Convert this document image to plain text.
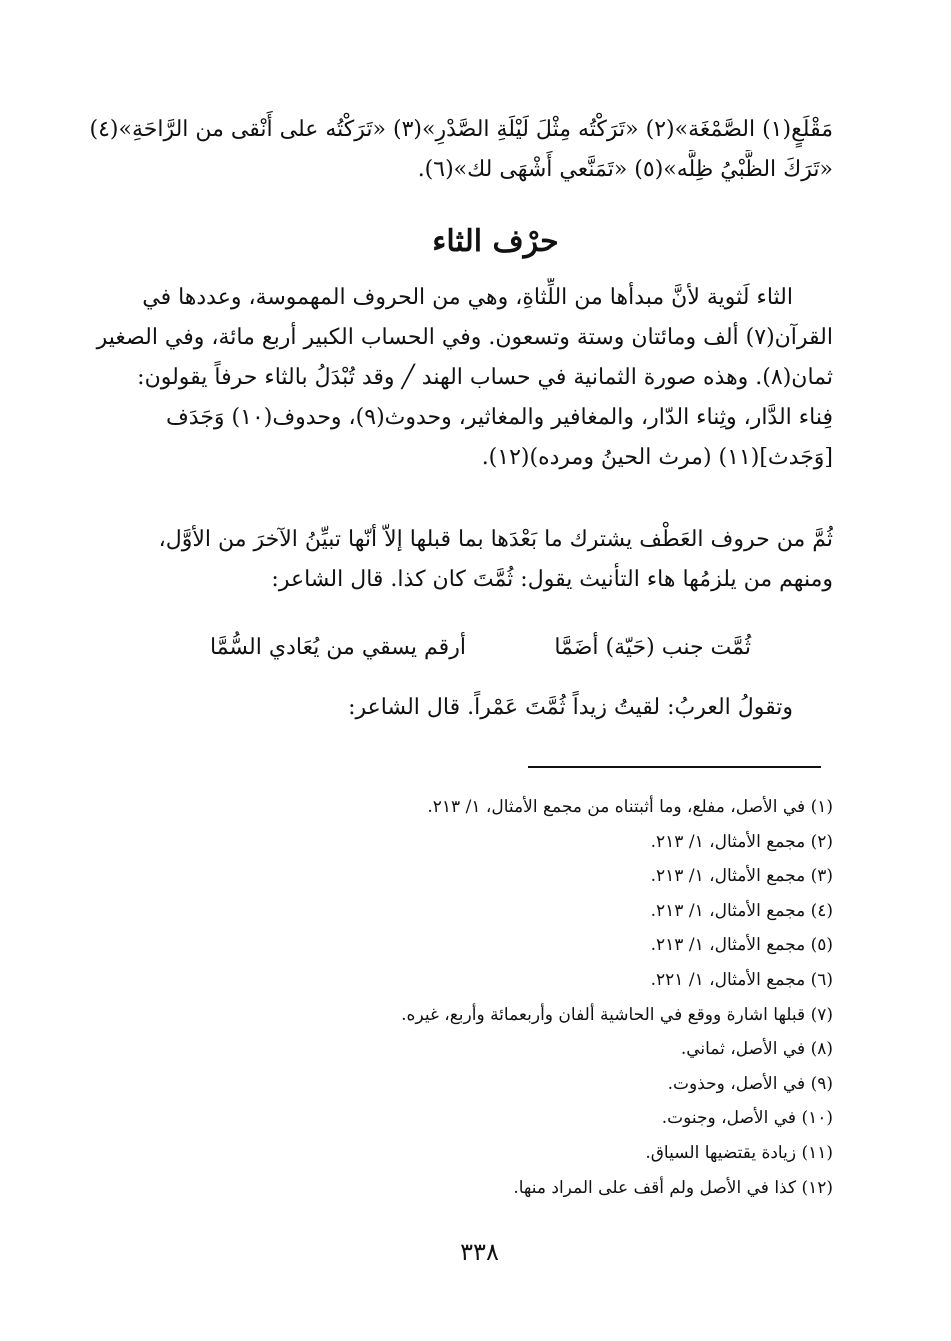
مَقْلَعٍ(١) الصَّمْغَة»(٢) «تَرَكْتُه مِثْلَ لَيْلَةِ الصَّدْرِ»(٣) «تَرَكْتُه على أَنْقى من الرَّاحَةِ»(٤)
«تَرَكَ الظَّبْيُ ظِلَّه»(٥) «تَمَنَّعي أَشْهَى لك»(٦).
حرْف الثاء
الثاء لَثوية لأنَّ مبدأها من اللِّثاةِ، وهي من الحروف المهموسة، وعددها في
القرآن(٧) ألف ومائتان وستة وتسعون. وفي الحساب الكبير أربع مائة، وفي الصغير
ثمان(٨). وهذه صورة الثمانية في حساب الهند ╱ وقد تُبْدَلُ بالثاء حرفاً يقولون:
فِناء الدَّار، وثِناء الدّار، والمغافير والمغاثير، وحدوث(٩)، وحدوف(١٠) وَجَدَف
[وَجَدث](١١) (مرث الحينُ ومرده)(١٢).
ثُمَّ من حروف العَطْف يشترك ما بَعْدَها بما قبلها إلاّ أنّها تبيِّنُ الآخرَ من الأوَّل،
ومنهم من يلزمُها هاء التأنيث يقول: ثُمَّتَ كان كذا. قال الشاعر:
ثُمَّت جنب (حَيّة) أضَمَّا
أرقم يسقي من يُعَادي السُّمَّا
وتقولُ العربُ: لقيتُ زيداً ثُمَّتَ عَمْراً. قال الشاعر:
(١) في الأصل، مفلع، وما أثبتناه من مجمع الأمثال، ١/ ٢١٣.
(٢) مجمع الأمثال، ١/ ٢١٣.
(٣) مجمع الأمثال، ١/ ٢١٣.
(٤) مجمع الأمثال، ١/ ٢١٣.
(٥) مجمع الأمثال، ١/ ٢١٣.
(٦) مجمع الأمثال، ١/ ٢٢١.
(٧) قبلها اشارة ووقع في الحاشية ألفان وأربعمائة وأربع، غيره.
(٨) في الأصل، ثماني.
(٩) في الأصل، وحذوت.
(١٠) في الأصل، وجنوت.
(١١) زيادة يقتضيها السياق.
(١٢) كذا في الأصل ولم أقف على المراد منها.
٣٣٨
